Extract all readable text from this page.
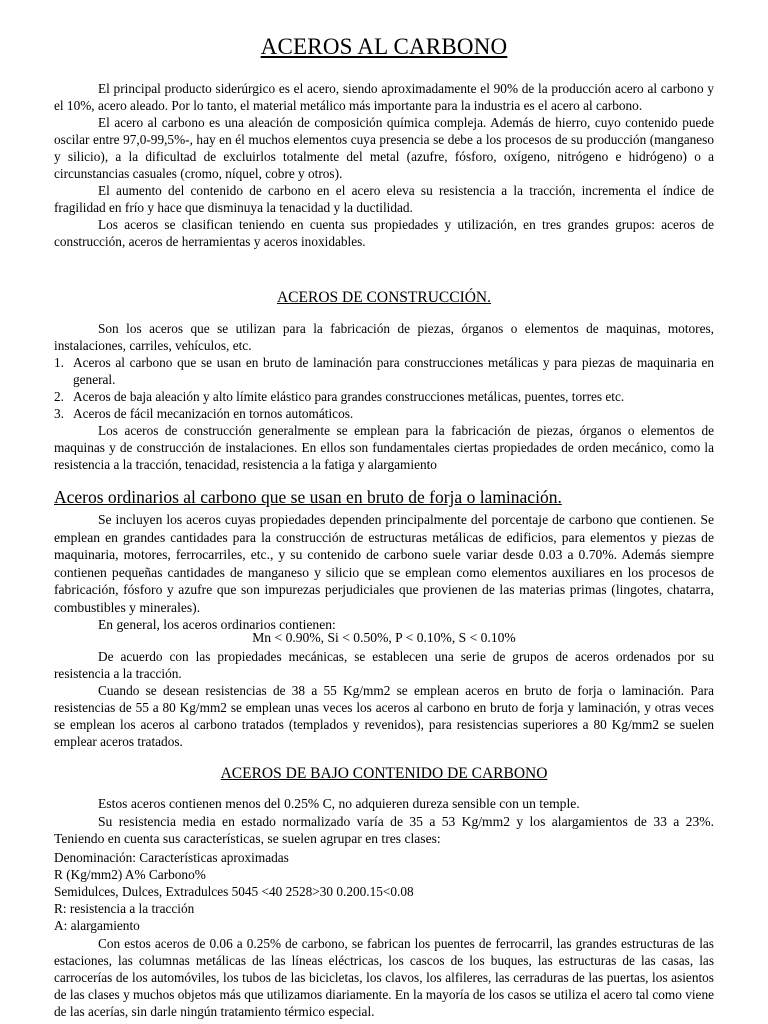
ACEROS AL CARBONO

El principal producto siderúrgico es el acero, siendo aproximadamente el 90% de la producción acero al carbono y el 10%, acero aleado. Por lo tanto, el material metálico más importante para la industria es el acero al carbono.

El acero al carbono es una aleación de composición química compleja. Además de hierro, cuyo contenido puede oscilar entre 97,0-99,5%-, hay en él muchos elementos cuya presencia se debe a los procesos de su producción (manganeso y silicio), a la dificultad de excluirlos totalmente del metal (azufre, fósforo, oxígeno, nitrógeno e hidrógeno) o a circunstancias casuales (cromo, níquel, cobre y otros).

El aumento del contenido de carbono en el acero eleva su resistencia a la tracción, incrementa el índice de fragilidad en frío y hace que disminuya la tenacidad y la ductilidad.

Los aceros se clasifican teniendo en cuenta sus propiedades y utilización, en tres grandes grupos: aceros de construcción, aceros de herramientas y aceros inoxidables.

ACEROS DE CONSTRUCCIÓN.

Son los aceros que se utilizan para la fabricación de piezas, órganos o elementos de maquinas, motores, instalaciones, carriles, vehículos, etc.

1. Aceros al carbono que se usan en bruto de laminación para construcciones metálicas y para piezas de maquinaria en general.
2. Aceros de baja aleación y alto límite elástico para grandes construcciones metálicas, puentes, torres etc.
3. Aceros de fácil mecanización en tornos automáticos.

Los aceros de construcción generalmente se emplean para la fabricación de piezas, órganos o elementos de maquinas y de construcción de instalaciones. En ellos son fundamentales ciertas propiedades de orden mecánico, como la resistencia a la tracción, tenacidad, resistencia a la fatiga y alargamiento

Aceros ordinarios al carbono que se usan en bruto de forja o laminación.

Se incluyen los aceros cuyas propiedades dependen principalmente del porcentaje de carbono que contienen. Se emplean en grandes cantidades para la construcción de estructuras metálicas de edificios, para elementos y piezas de maquinaria, motores, ferrocarriles, etc., y su contenido de carbono suele variar desde 0.03 a 0.70%. Además siempre contienen pequeñas cantidades de manganeso y silicio que se emplean como elementos auxiliares en los procesos de fabricación, fósforo y azufre que son impurezas perjudiciales que provienen de las materias primas (lingotes, chatarra, combustibles y minerales).

En general, los aceros ordinarios contienen:

Mn < 0.90%, Si < 0.50%, P < 0.10%, S < 0.10%

De acuerdo con las propiedades mecánicas, se establecen una serie de grupos de aceros ordenados por su resistencia a la tracción.

Cuando se desean resistencias de 38 a 55 Kg/mm2 se emplean aceros en bruto de forja o laminación. Para resistencias de 55 a 80 Kg/mm2 se emplean unas veces los aceros al carbono en bruto de forja y laminación, y otras veces se emplean los aceros al carbono tratados (templados y revenidos), para resistencias superiores a 80 Kg/mm2 se suelen emplear aceros tratados.

ACEROS DE BAJO CONTENIDO DE CARBONO

Estos aceros contienen menos del 0.25% C, no adquieren dureza sensible con un temple.

Su resistencia media en estado normalizado varía de 35 a 53 Kg/mm2 y los alargamientos de 33 a 23%. Teniendo en cuenta sus características, se suelen agrupar en tres clases:

Denominación: Características aproximadas
R (Kg/mm2) A% Carbono%
Semidulces, Dulces, Extradulces 5045 <40 2528>30 0.200.15<0.08
R: resistencia a la tracción
A: alargamiento

Con estos aceros de 0.06 a 0.25% de carbono, se fabrican los puentes de ferrocarril, las grandes estructuras de las estaciones, las columnas metálicas de las líneas eléctricas, los cascos de los buques, las estructuras de las casas, las carrocerías de los automóviles, los tubos de las bicicletas, los clavos, los alfileres, las cerraduras de las puertas, los asientos de las clases y muchos objetos más que utilizamos diariamente. En la mayoría de los casos se utiliza el acero tal como viene de las acerías, sin darle ningún tratamiento térmico especial.
